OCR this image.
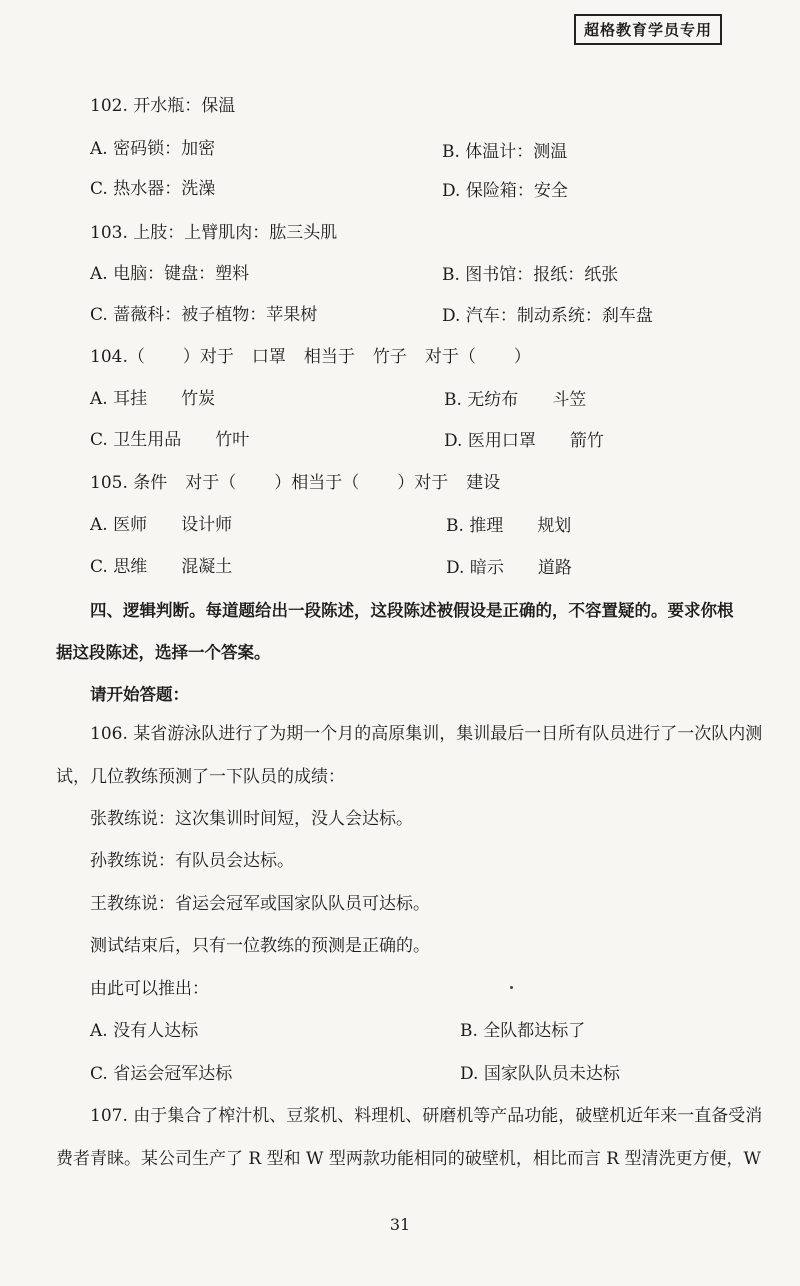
超格教育学员专用
102. 开水瓶：保温
A. 密码锁：加密	B. 体温计：测温
C. 热水器：洗澡	D. 保险箱：安全
103. 上肢：上臂肌肉：肱三头肌
A. 电脑：键盘：塑料	B. 图书馆：报纸：纸张
C. 蔷薇科：被子植物：苹果树	D. 汽车：制动系统：刹车盘
104.（ ）对于 口罩 相当于 竹子 对于（ ）
A. 耳挂 竹炭	B. 无纺布 斗笠
C. 卫生用品 竹叶	D. 医用口罩 箭竹
105. 条件 对于（ ）相当于（ ）对于 建设
A. 医师 设计师	B. 推理 规划
C. 思维 混凝土	D. 暗示 道路
四、逻辑判断。每道题给出一段陈述，这段陈述被假设是正确的，不容置疑的。要求你根
据这段陈述，选择一个答案。
请开始答题：
106. 某省游泳队进行了为期一个月的高原集训，集训最后一日所有队员进行了一次队内测
试，几位教练预测了一下队员的成绩：
张教练说：这次集训时间短，没人会达标。
孙教练说：有队员会达标。
王教练说：省运会冠军或国家队队员可达标。
测试结束后，只有一位教练的预测是正确的。
由此可以推出：
A. 没有人达标	B. 全队都达标了
C. 省运会冠军达标	D. 国家队队员未达标
107. 由于集合了榨汁机、豆浆机、料理机、研磨机等产品功能，破壁机近年来一直备受消
费者青睐。某公司生产了 R 型和 W 型两款功能相同的破壁机，相比而言 R 型清洗更方便，W
31
